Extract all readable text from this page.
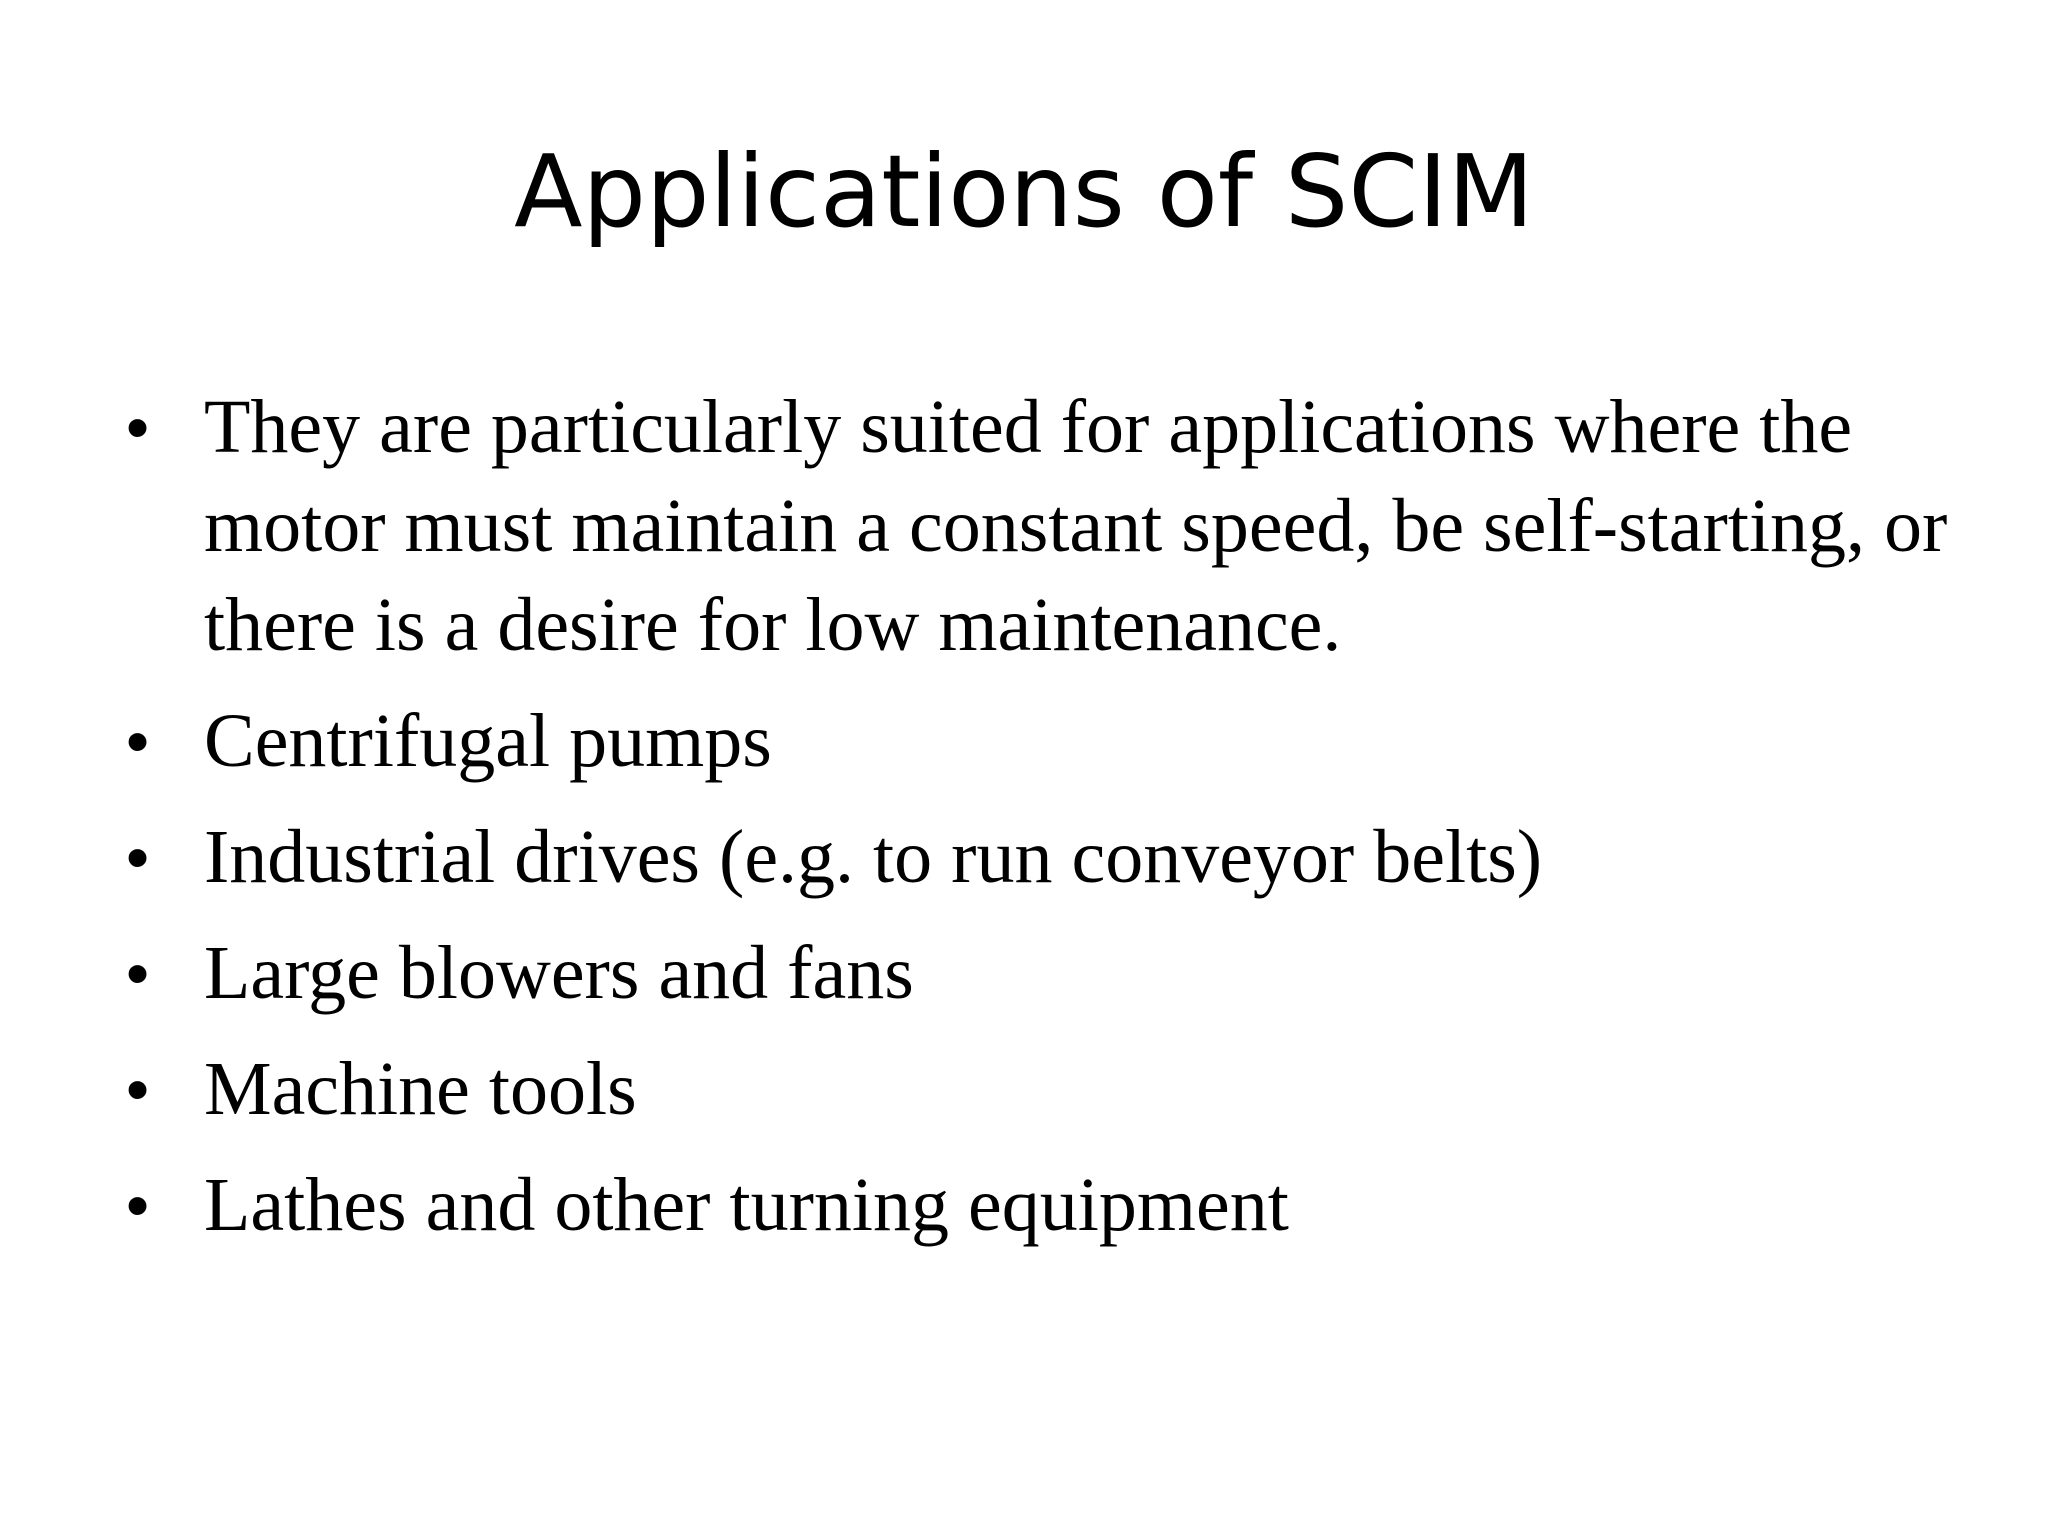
Applications of SCIM
• They are particularly suited for applications where the motor must maintain a constant speed, be self-starting, or there is a desire for low maintenance.
• Centrifugal pumps
• Industrial drives (e.g. to run conveyor belts)
• Large blowers and fans
• Machine tools
• Lathes and other turning equipment
